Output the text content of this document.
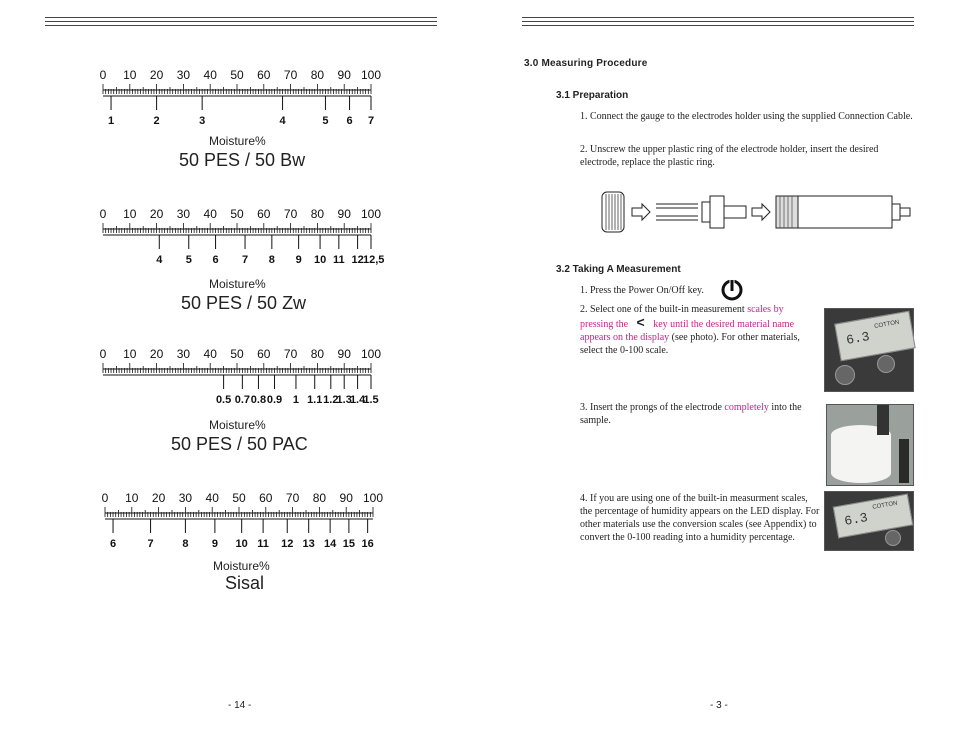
0 10 20 30 40 50 60 70 80 90 100
1	2	3	4	5 6 7
Moisture%
50 PES / 50 Bw
0 10 20 30 40 50 60 70 80 90 100
4 5 6 7 8 9 10 11 12 12,5
Moisture%
50 PES / 50 Zw
0 10 20 30 40 50 60 70 80 90 100
0.5 0.7 0.8 0.9 1 1.1 1.2
1.3
1.4
1.5
Moisture%
50 PES / 50 PAC
0 10 20 30 40 50 60 70 80 90 100
6	7	8 9 10 11 12 13 14 15 16
Moisture%
Sisal
- 14 -
3.0 Measuring Procedure
3.1 Preparation
1. Connect the gauge to the electrodes holder using the supplied Connection Cable.
2. Unscrew the upper plastic ring of the electrode holder, insert the desired electrode, replace the plastic ring.
3.2 Taking A Measurement
1. Press the Power On/Off key.
2. Select one of the built-in measurement scales by pressing the < key until the desired material name appears on the display (see photo). For other materials, select the 0-100 scale.
6.3
COTTON
3. Insert the prongs of the electrode completely into the sample.
4. If you are using one of the built-in measurment scales, the percentage of humidity appears on the LED display. For other materials use the conversion scales (see Appendix) to convert the 0-100 reading into a humidity percentage.
6.3
COTTON
- 3 -
